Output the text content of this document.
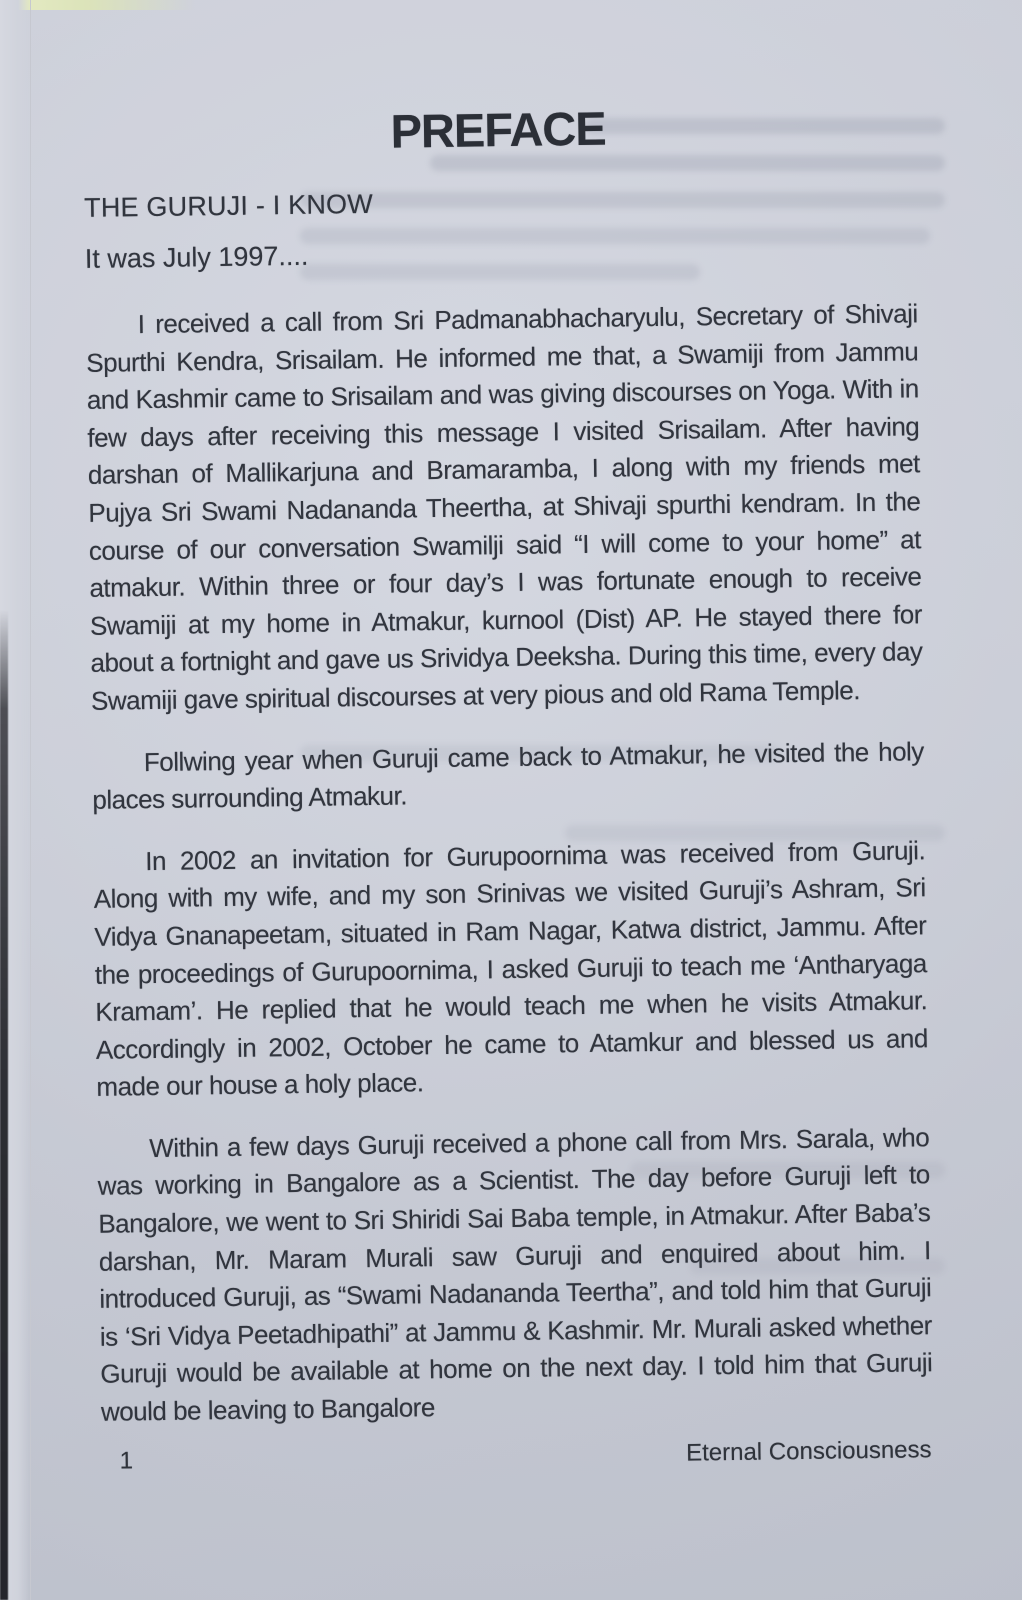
PREFACE
THE GURUJI - I KNOW
It was July 1997....

I received a call from Sri Padmanabhacharyulu, Secretary of Shivaji Spurthi Kendra, Srisailam. He informed me that, a Swamiji from Jammu and Kashmir came to Srisailam and was giving discourses on Yoga. With in few days after receiving this message I visited Srisailam. After having darshan of Mallikarjuna and Bramaramba, I along with my friends met Pujya Sri Swami Nadananda Theertha, at Shivaji spurthi kendram. In the course of our conversation Swamilji said “I will come to your home” at atmakur. Within three or four day’s I was fortunate enough to receive Swamiji at my home in Atmakur, kurnool (Dist) AP. He stayed there for about a fortnight and gave us Srividya Deeksha. During this time, every day Swamiji gave spiritual discourses at very pious and old Rama Temple.

Follwing year when Guruji came back to Atmakur, he visited the holy places surrounding Atmakur.

In 2002 an invitation for Gurupoornima was received from Guruji. Along with my wife, and my son Srinivas we visited Guruji’s Ashram, Sri Vidya Gnanapeetam, situated in Ram Nagar, Katwa district, Jammu. After the proceedings of Gurupoornima, I asked Guruji to teach me ‘Antharyaga Kramam’. He replied that he would teach me when he visits Atmakur. Accordingly in 2002, October he came to Atamkur and blessed us and made our house a holy place.

Within a few days Guruji received a phone call from Mrs. Sarala, who was working in Bangalore as a Scientist. The day before Guruji left to Bangalore, we went to Sri Shiridi Sai Baba temple, in Atmakur. After Baba’s darshan, Mr. Maram Murali saw Guruji and enquired about him. I introduced Guruji, as “Swami Nadananda Teertha”, and told him that Guruji is ‘Sri Vidya Peetadhipathi” at Jammu & Kashmir. Mr. Murali asked whether Guruji would be available at home on the next day. I told him that Guruji would be leaving to Bangalore

1	Eternal Consciousness
